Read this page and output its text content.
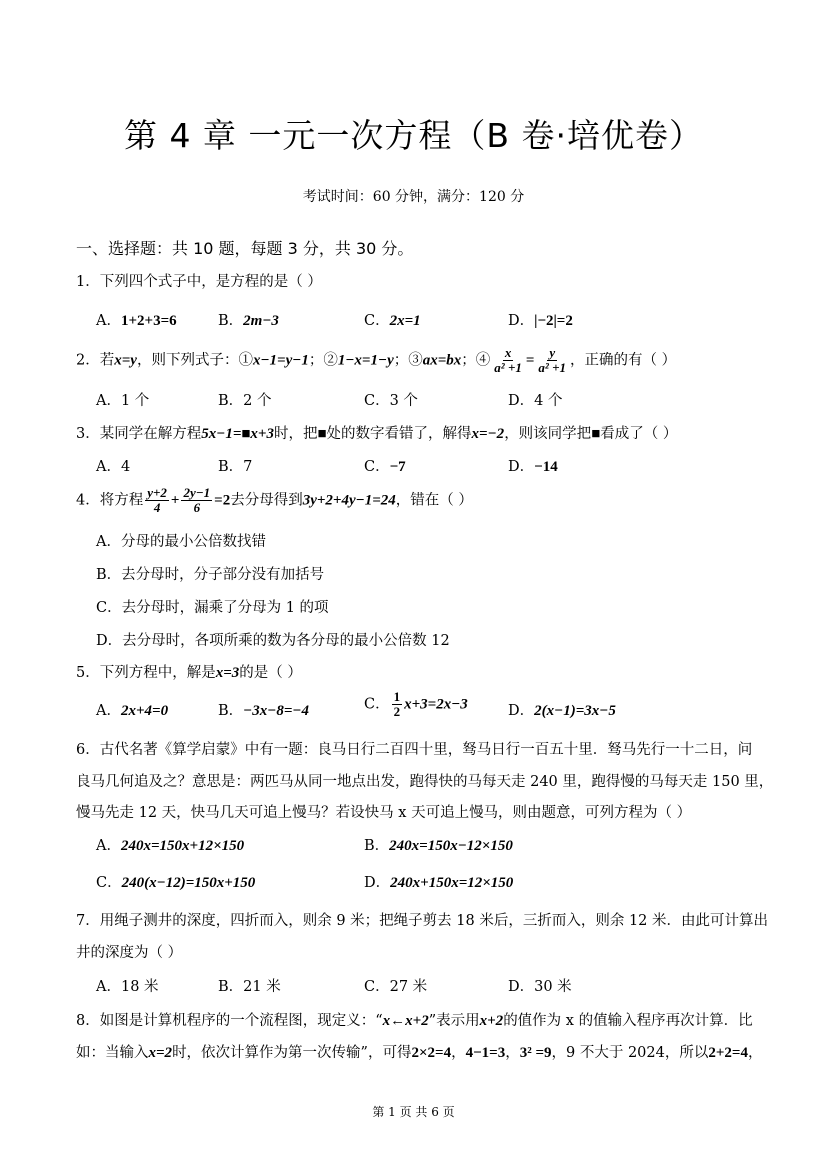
第 4 章 一元一次方程（B 卷·培优卷）
考试时间：60 分钟，满分：120 分
一、选择题：共 10 题，每题 3 分，共 30 分。
1．下列四个式子中，是方程的是（ ）
A．1+2+3=6	B．2m−3	C．2x=1	D．|−2|=2
2．若x=y，则下列式子：①x−1=y−1；②1−x=1−y；③ax=bx；④ $\frac{x}{\text{a² +1}} = \frac{y}{\text{a² +1}}$ ，正确的有（ ）
A．1 个	B．2 个	C．3 个	D．4 个
3．某同学在解方程5x−1=■x+3时，把■处的数字看错了，解得x=−2，则该同学把■看成了（ ）
A．4	B．7	C．−7	D．−14
4．将方程 $\frac{y+2}{4} + \frac{2y-1}{6} =2$去分母得到3y+2+4y−1=24，错在（ ）
A．分母的最小公倍数找错
B．去分母时，分子部分没有加括号
C．去分母时，漏乘了分母为 1 的项
D．去分母时，各项所乘的数为各分母的最小公倍数 12
5．下列方程中，解是x=3的是（ ）
A．2x+4=0	B．−3x−8=−4	C． $\frac{1}{2} x+3=2x-3$	D．2(x−1)=3x−5
6．古代名著《算学启蒙》中有一题：良马日行二百四十里，驽马日行一百五十里．驽马先行一十二日，问
良马几何追及之？意思是：两匹马从同一地点出发，跑得快的马每天走 240 里，跑得慢的马每天走 150 里，
慢马先走 12 天，快马几天可追上慢马？若设快马 x 天可追上慢马，则由题意，可列方程为（ ）
A．240x=150x+12×150	B．240x=150x−12×150
C．240(x−12)=150x+150	D．240x+150x=12×150
7．用绳子测井的深度，四折而入，则余 9 米；把绳子剪去 18 米后，三折而入，则余 12 米．由此可计算出
井的深度为（ ）
A．18 米	B．21 米	C．27 米	D．30 米
8．如图是计算机程序的一个流程图，现定义：“x←x+2”表示用x+2的值作为 x 的值输入程序再次计算．比
如：当输入x=2时，依次计算作为第一次传输”，可得2×2=4，4−1=3，3² =9，9 不大于 2024，所以2+2=4，
第 1 页 共 6 页
